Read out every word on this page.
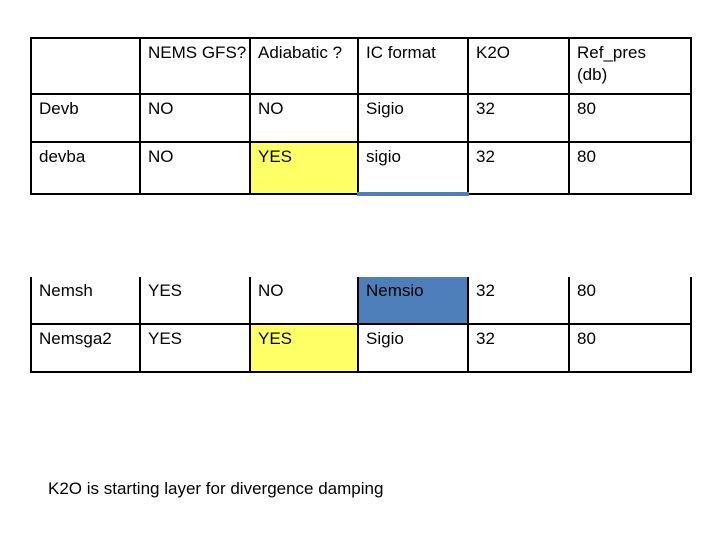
	NEMS GFS?	Adiabatic ?	IC format	K2O	Ref_pres (db)
Devb	NO	NO	Sigio	32	80
devba	NO	YES	sigio	32	80
Nemsh	YES	NO	Nemsio	32	80
Nemsga2	YES	YES	Sigio	32	80
K2O is starting layer for divergence damping
